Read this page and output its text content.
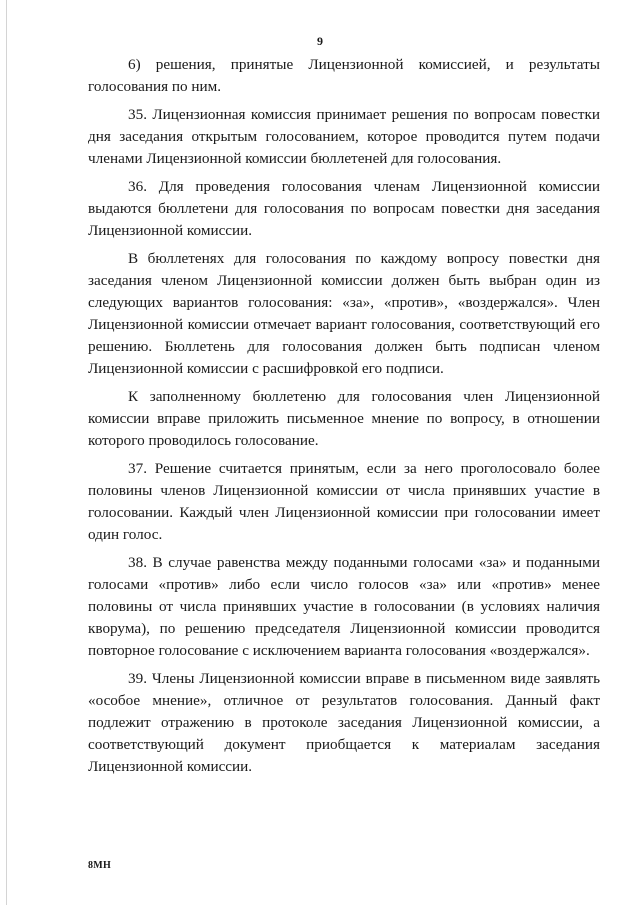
9

6) решения, принятые Лицензионной комиссией, и результаты голосования по ним.

35. Лицензионная комиссия принимает решения по вопросам повестки дня заседания открытым голосованием, которое проводится путем подачи членами Лицензионной комиссии бюллетеней для голосования.

36. Для проведения голосования членам Лицензионной комиссии выдаются бюллетени для голосования по вопросам повестки дня заседания Лицензионной комиссии.

В бюллетенях для голосования по каждому вопросу повестки дня заседания членом Лицензионной комиссии должен быть выбран один из следующих вариантов голосования: «за», «против», «воздержался». Член Лицензионной комиссии отмечает вариант голосования, соответствующий его решению. Бюллетень для голосования должен быть подписан членом Лицензионной комиссии с расшифровкой его подписи.

К заполненному бюллетеню для голосования член Лицензионной комиссии вправе приложить письменное мнение по вопросу, в отношении которого проводилось голосование.

37. Решение считается принятым, если за него проголосовало более половины членов Лицензионной комиссии от числа принявших участие в голосовании. Каждый член Лицензионной комиссии при голосовании имеет один голос.

38. В случае равенства между поданными голосами «за» и поданными голосами «против» либо если число голосов «за» или «против» менее половины от числа принявших участие в голосовании (в условиях наличия кворума), по решению председателя Лицензионной комиссии проводится повторное голосование с исключением варианта голосования «воздержался».

39. Члены Лицензионной комиссии вправе в письменном виде заявлять «особое мнение», отличное от результатов голосования. Данный факт подлежит отражению в протоколе заседания Лицензионной комиссии, а соответствующий документ приобщается к материалам заседания Лицензионной комиссии.

8МН
